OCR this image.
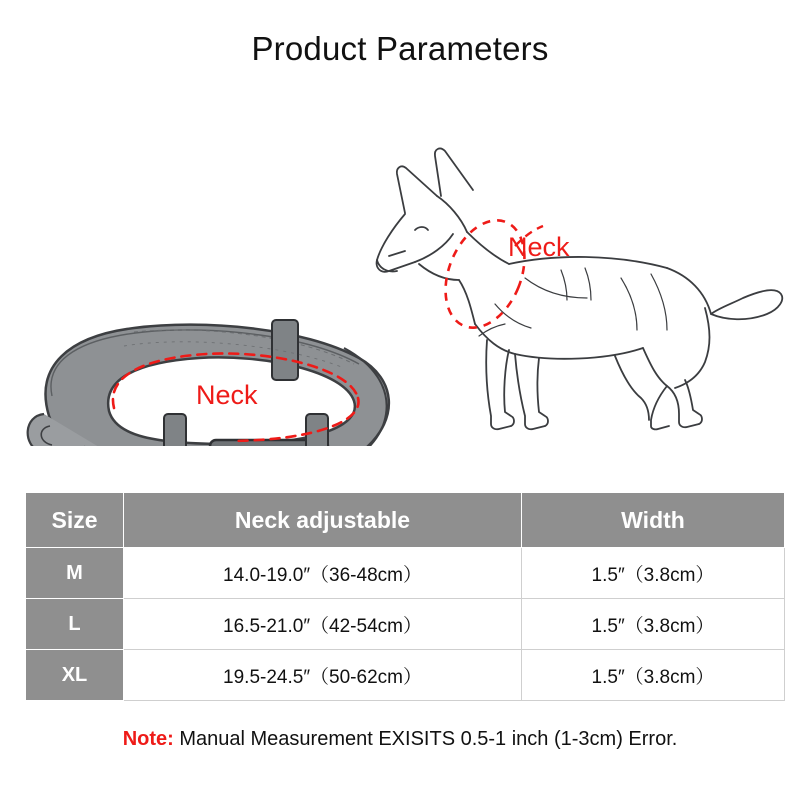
Product Parameters
Neck
Neck
Size	Neck adjustable	Width
M	14.0-19.0″（36-48cm）	1.5″（3.8cm）
L	16.5-21.0″（42-54cm）	1.5″（3.8cm）
XL	19.5-24.5″（50-62cm）	1.5″（3.8cm）
Note: Manual Measurement EXISITS 0.5-1 inch (1-3cm) Error.
